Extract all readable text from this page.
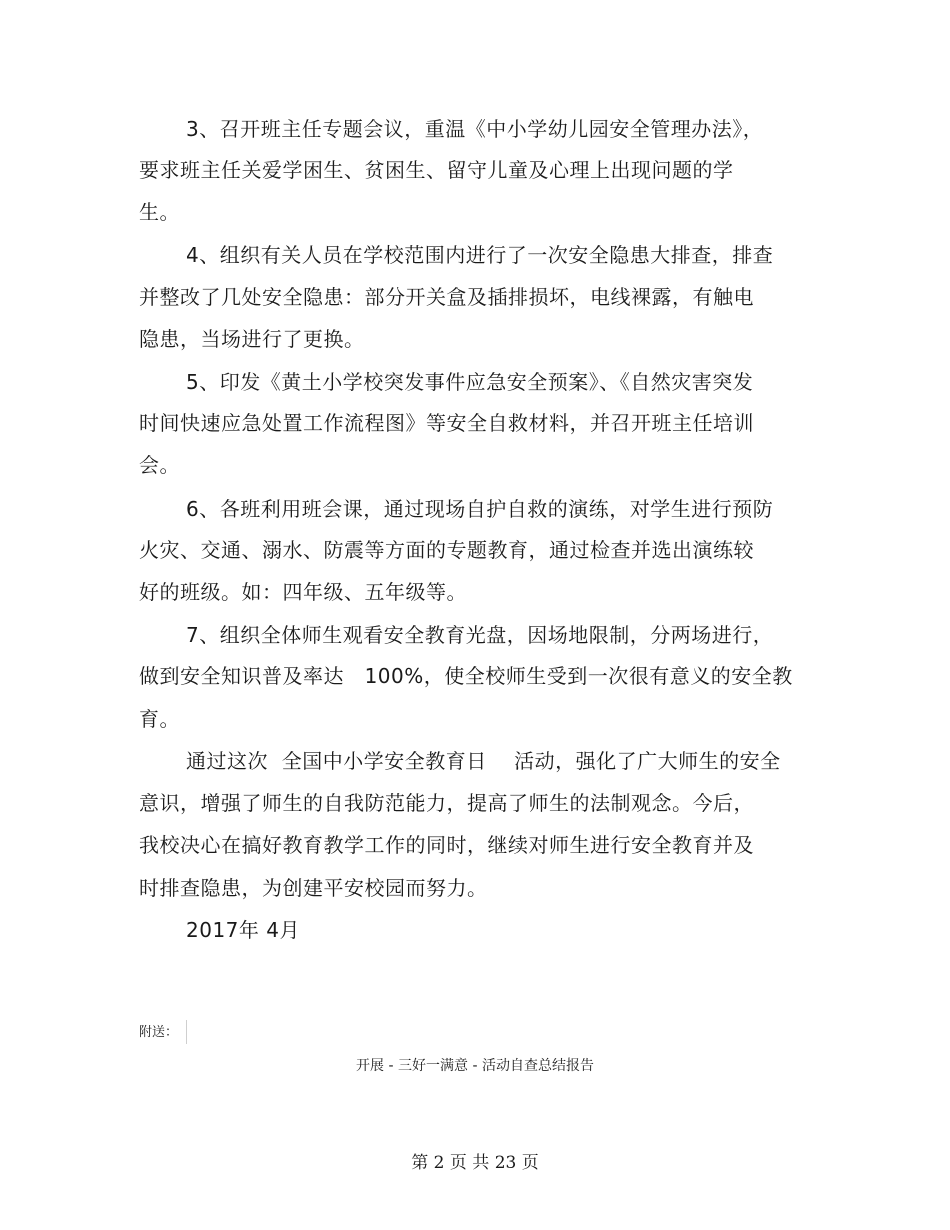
3、召开班主任专题会议，重温《中小学幼儿园安全管理办法》，
要求班主任关爱学困生、贫困生、留守儿童及心理上出现问题的学
生。
4、组织有关人员在学校范围内进行了一次安全隐患大排查，排查
并整改了几处安全隐患：部分开关盒及插排损坏，电线裸露，有触电
隐患，当场进行了更换。
5、印发《黄土小学校突发事件应急安全预案》、《自然灾害突发
时间快速应急处置工作流程图》等安全自救材料，并召开班主任培训
会。
6、各班利用班会课，通过现场自护自救的演练，对学生进行预防
火灾、交通、溺水、防震等方面的专题教育，通过检查并选出演练较
好的班级。如：四年级、五年级等。
7、组织全体师生观看安全教育光盘，因场地限制，分两场进行，
做到安全知识普及率达   100%，使全校师生受到一次很有意义的安全教
育。
通过这次  全国中小学安全教育日    活动，强化了广大师生的安全
意识，增强了师生的自我防范能力，提高了师生的法制观念。今后，
我校决心在搞好教育教学工作的同时，继续对师生进行安全教育并及
时排查隐患，为创建平安校园而努力。
2017年 4月
附送：
开展 - 三好一满意 - 活动自查总结报告
第 2 页 共 23 页
